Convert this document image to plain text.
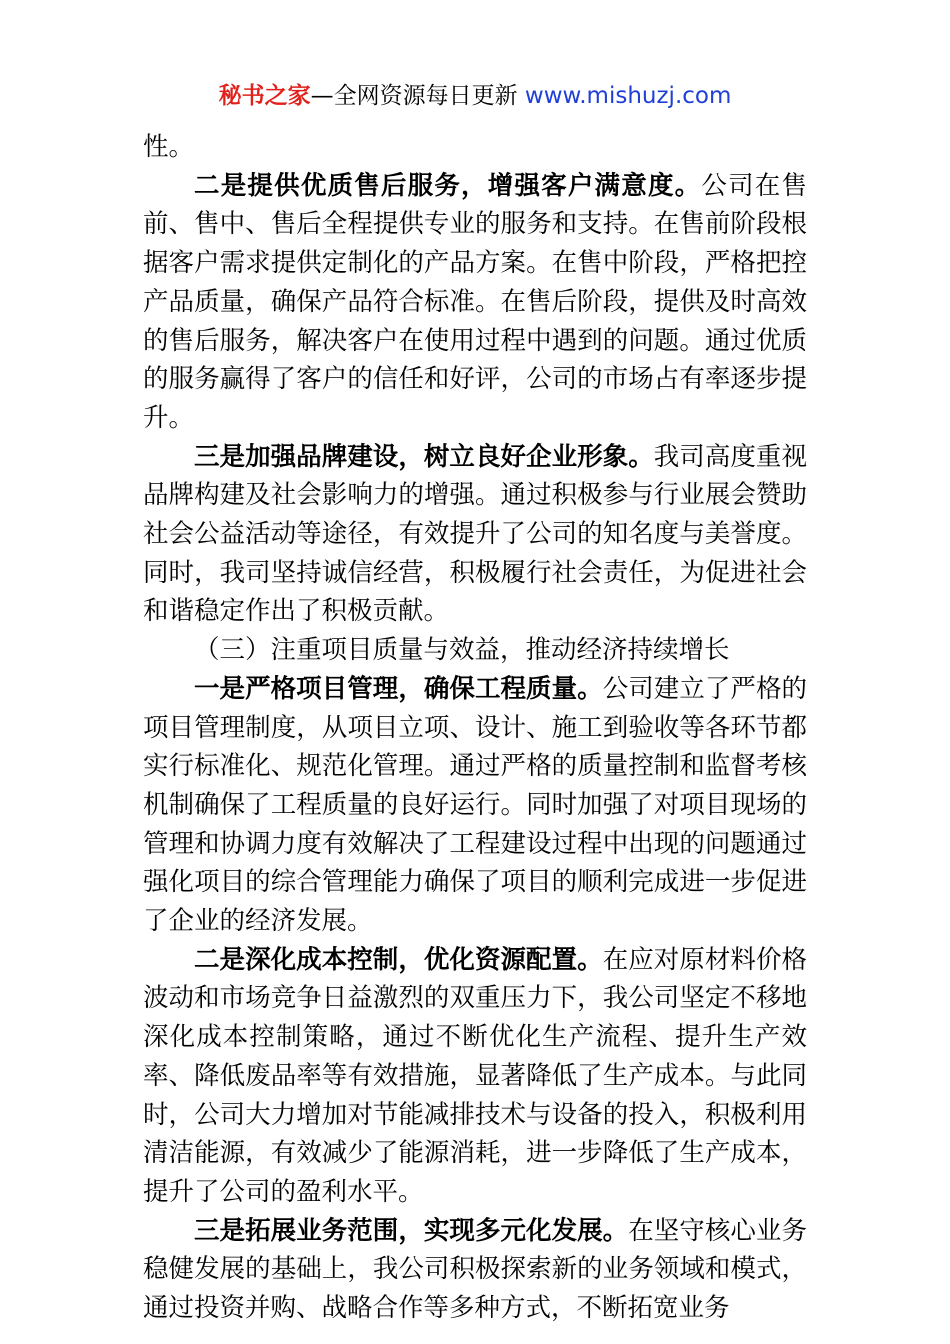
秘书之家—全网资源每日更新 www.mishuzj.com

性。

二是提供优质售后服务，增强客户满意度。公司在售前、售中、售后全程提供专业的服务和支持。在售前阶段根据客户需求提供定制化的产品方案。在售中阶段，严格把控产品质量，确保产品符合标准。在售后阶段，提供及时高效的售后服务，解决客户在使用过程中遇到的问题。通过优质的服务赢得了客户的信任和好评，公司的市场占有率逐步提升。

三是加强品牌建设，树立良好企业形象。我司高度重视品牌构建及社会影响力的增强。通过积极参与行业展会赞助社会公益活动等途径，有效提升了公司的知名度与美誉度。同时，我司坚持诚信经营，积极履行社会责任，为促进社会和谐稳定作出了积极贡献。

（三）注重项目质量与效益，推动经济持续增长

一是严格项目管理，确保工程质量。公司建立了严格的项目管理制度，从项目立项、设计、施工到验收等各环节都实行标准化、规范化管理。通过严格的质量控制和监督考核机制确保了工程质量的良好运行。同时加强了对项目现场的管理和协调力度有效解决了工程建设过程中出现的问题通过强化项目的综合管理能力确保了项目的顺利完成进一步促进了企业的经济发展。

二是深化成本控制，优化资源配置。在应对原材料价格波动和市场竞争日益激烈的双重压力下，我公司坚定不移地深化成本控制策略，通过不断优化生产流程、提升生产效率、降低废品率等有效措施，显著降低了生产成本。与此同时，公司大力增加对节能减排技术与设备的投入，积极利用清洁能源，有效减少了能源消耗，进一步降低了生产成本，提升了公司的盈利水平。

三是拓展业务范围，实现多元化发展。在坚守核心业务稳健发展的基础上，我公司积极探索新的业务领域和模式，通过投资并购、战略合作等多种方式，不断拓宽业务
